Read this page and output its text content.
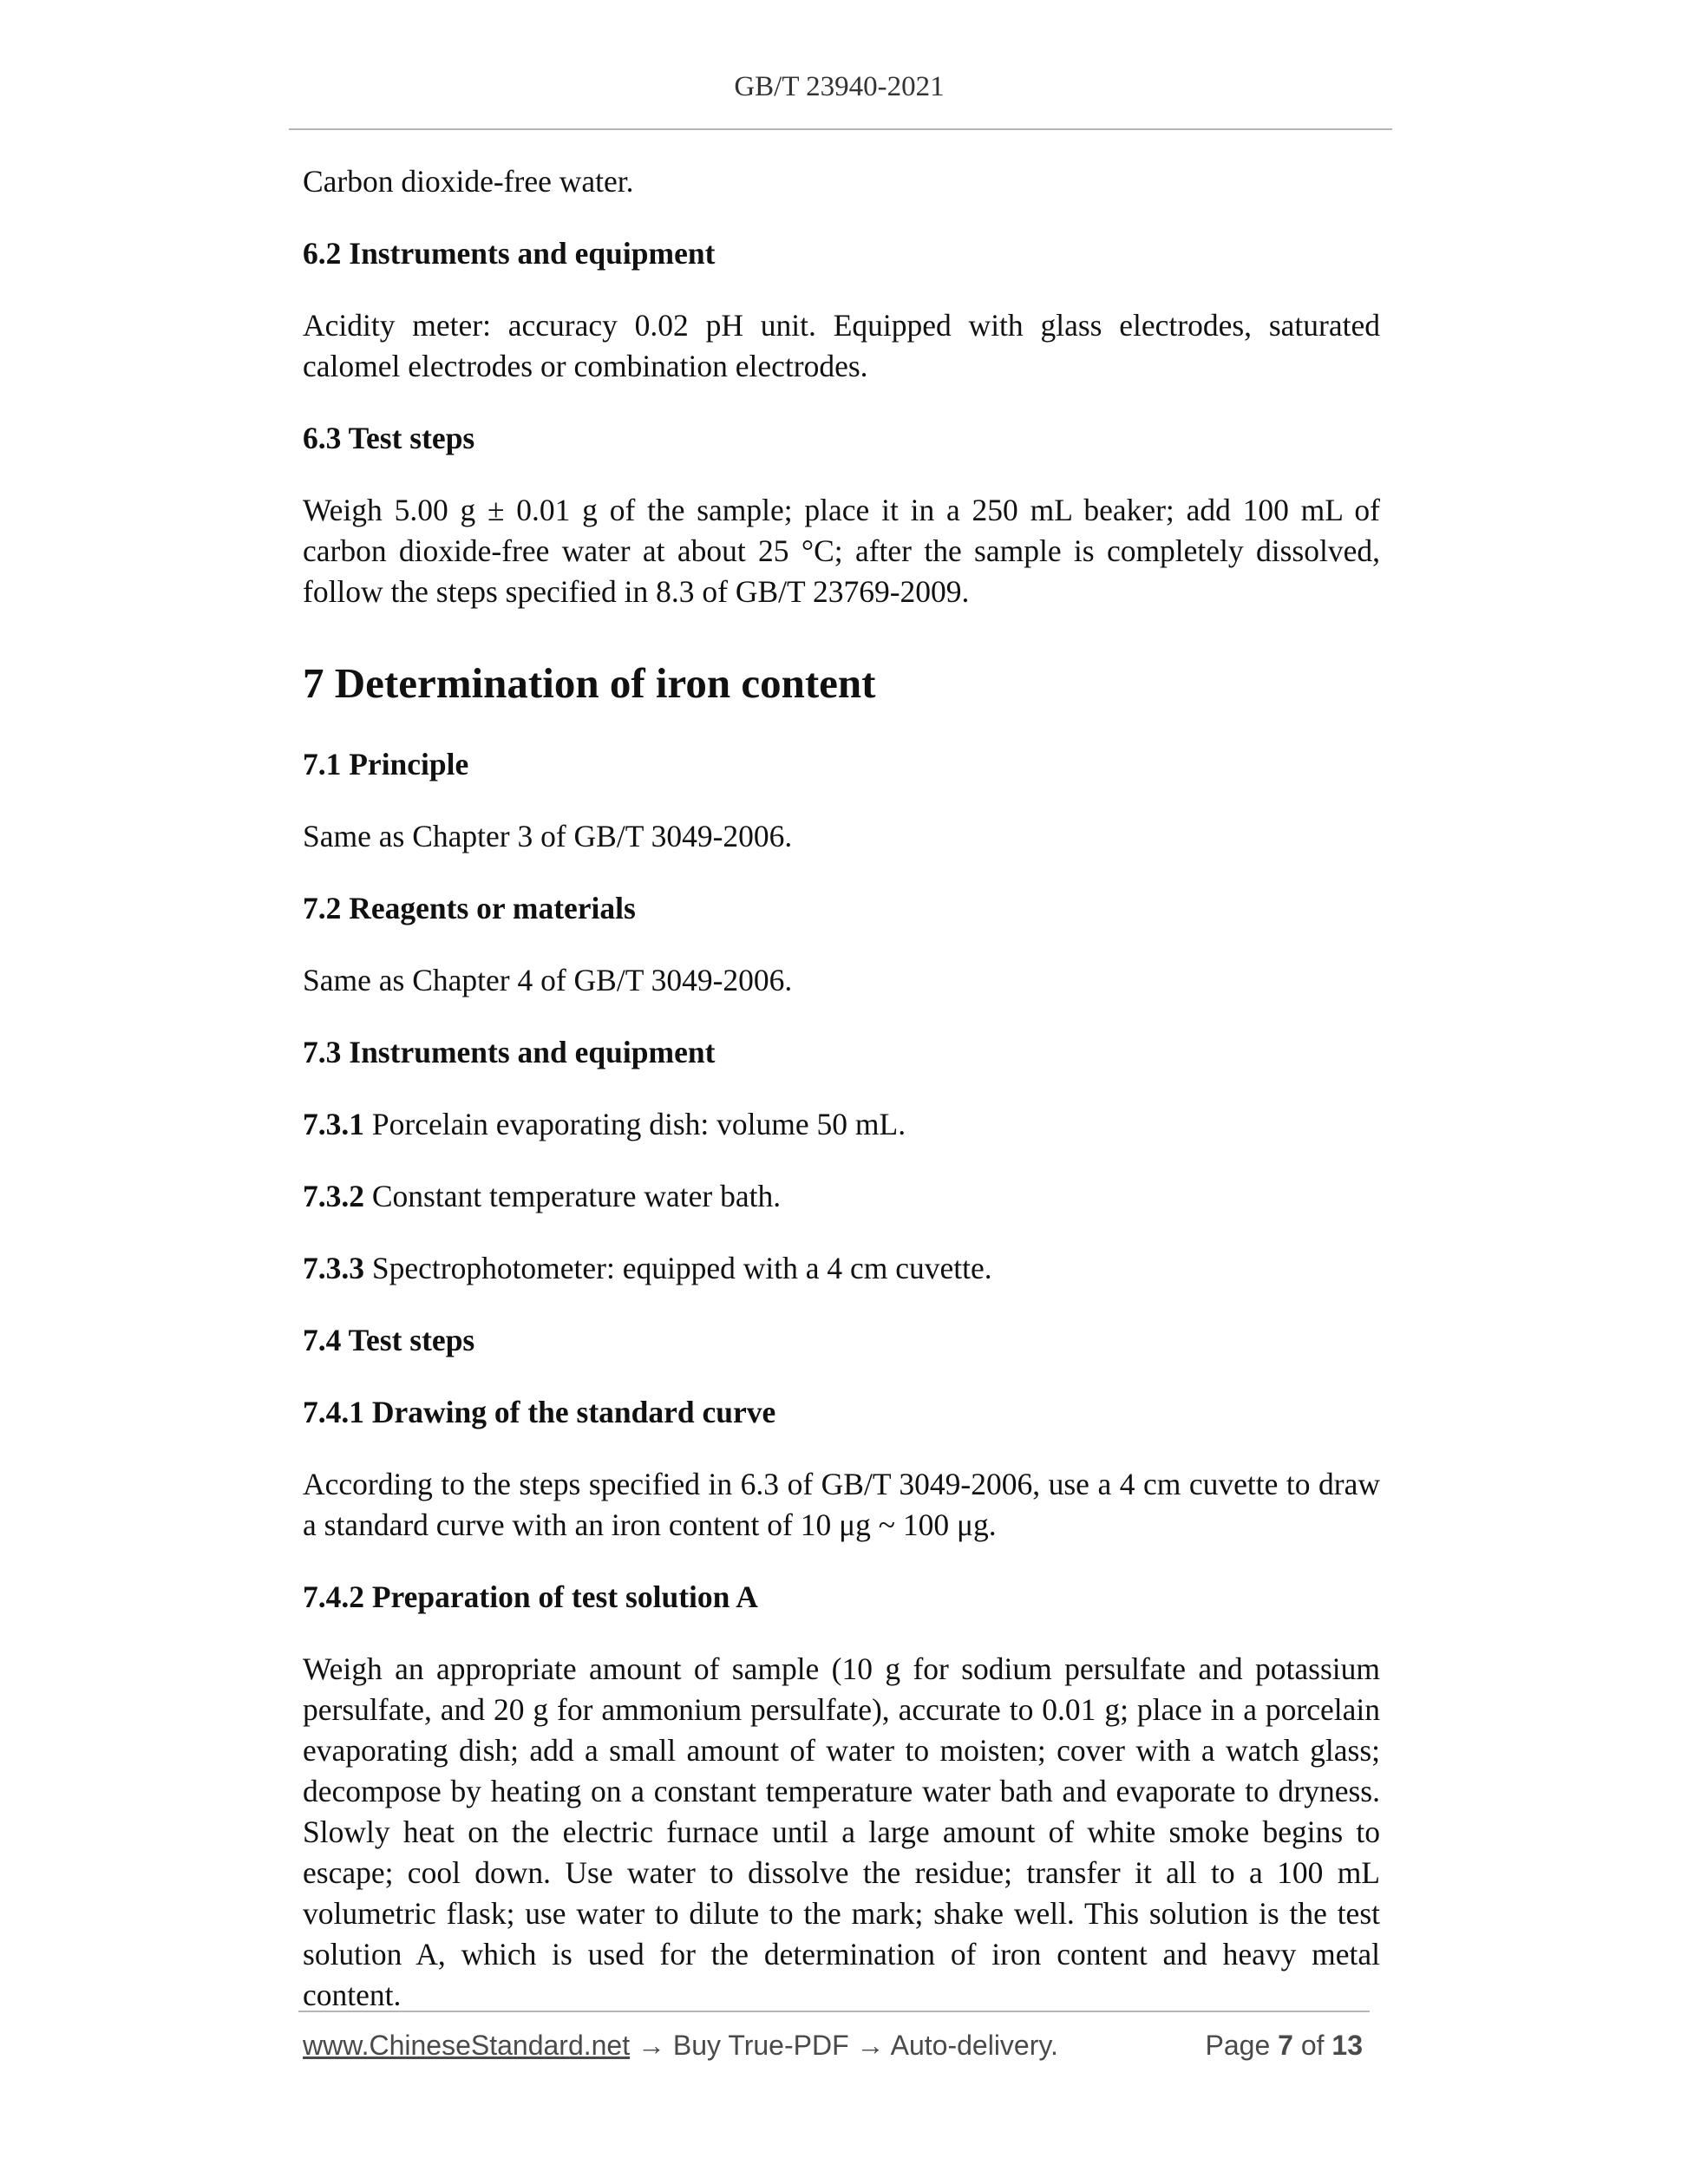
GB/T 23940-2021

Carbon dioxide-free water.

6.2 Instruments and equipment

Acidity meter: accuracy 0.02 pH unit. Equipped with glass electrodes, saturated calomel electrodes or combination electrodes.

6.3 Test steps

Weigh 5.00 g ± 0.01 g of the sample; place it in a 250 mL beaker; add 100 mL of carbon dioxide-free water at about 25 °C; after the sample is completely dissolved, follow the steps specified in 8.3 of GB/T 23769-2009.

7 Determination of iron content
7.1 Principle

Same as Chapter 3 of GB/T 3049-2006.

7.2 Reagents or materials

Same as Chapter 4 of GB/T 3049-2006.

7.3 Instruments and equipment

7.3.1 Porcelain evaporating dish: volume 50 mL.

7.3.2 Constant temperature water bath.

7.3.3 Spectrophotometer: equipped with a 4 cm cuvette.

7.4 Test steps
7.4.1 Drawing of the standard curve

According to the steps specified in 6.3 of GB/T 3049-2006, use a 4 cm cuvette to draw a standard curve with an iron content of 10 μg ~ 100 μg.

7.4.2 Preparation of test solution A

Weigh an appropriate amount of sample (10 g for sodium persulfate and potassium persulfate, and 20 g for ammonium persulfate), accurate to 0.01 g; place in a porcelain evaporating dish; add a small amount of water to moisten; cover with a watch glass; decompose by heating on a constant temperature water bath and evaporate to dryness. Slowly heat on the electric furnace until a large amount of white smoke begins to escape; cool down. Use water to dissolve the residue; transfer it all to a 100 mL volumetric flask; use water to dilute to the mark; shake well. This solution is the test solution A, which is used for the determination of iron content and heavy metal content.

www.ChineseStandard.net → Buy True-PDF → Auto-delivery.	Page 7 of 13
